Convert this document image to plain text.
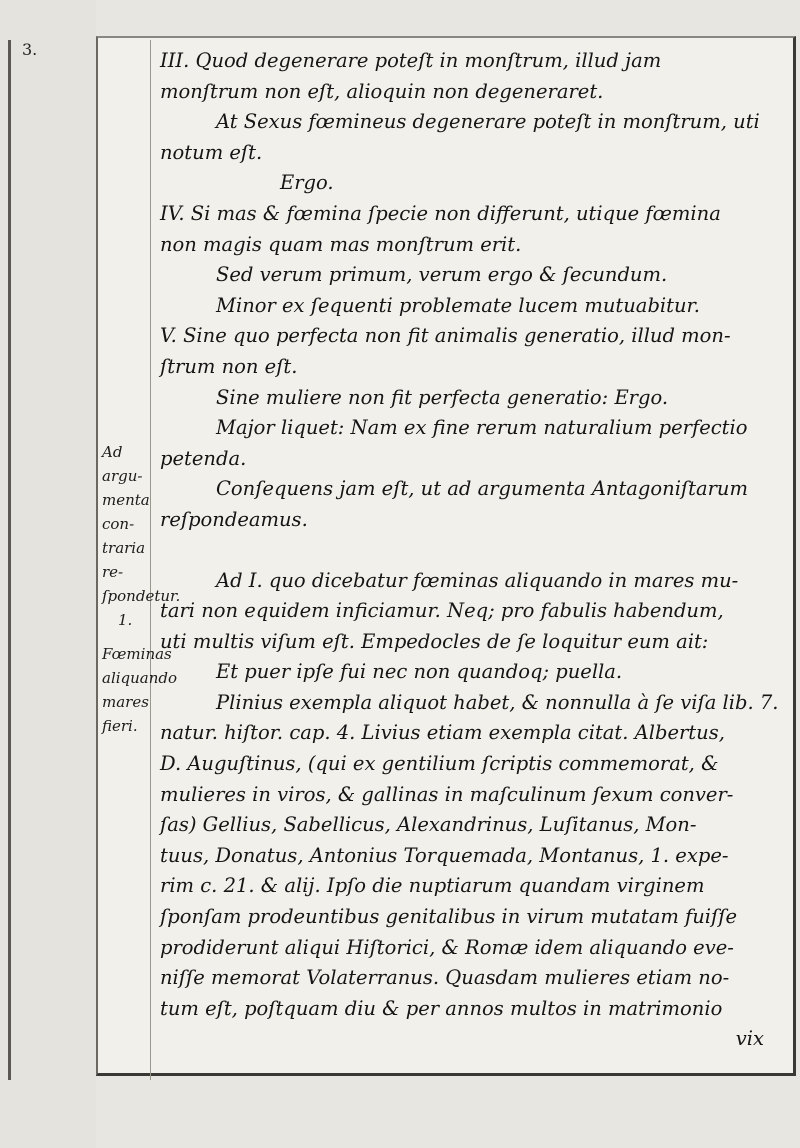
3.
Ad argu- menta con- traria re- ſpondetur.
1.
Fœminas aliquando mares fieri.

III. Quod degenerare poteſt in monſtrum, illud jam

monſtrum non eſt, alioquin non degeneraret.

At Sexus fœmineus degenerare poteſt in monſtrum, uti

notum eſt.

Ergo.

IV. Si mas & fœmina ſpecie non differunt, utique fœmina

non magis quam mas monſtrum erit.

Sed verum primum, verum ergo & ſecundum.

Minor ex ſequenti problemate lucem mutuabitur.

V. Sine quo perfecta non fit animalis generatio, illud mon-

ſtrum non eſt.

Sine muliere non fit perfecta generatio: Ergo.

Major liquet: Nam ex fine rerum naturalium perfectio

petenda.

Conſequens jam eſt, ut ad argumenta Antagoniſtarum

reſpondeamus.

Ad I. quo dicebatur fœminas aliquando in mares mu-

tari non equidem inficiamur. Neq; pro fabulis habendum,

uti multis viſum eſt. Empedocles de ſe loquitur eum ait:

Et puer ipſe fui nec non quandoq; puella.

Plinius exempla aliquot habet, & nonnulla à ſe viſa lib. 7.

natur. hiſtor. cap. 4. Livius etiam exempla citat. Albertus,

D. Auguſtinus, (qui ex gentilium ſcriptis commemorat, &

mulieres in viros, & gallinas in maſculinum ſexum conver-

ſas) Gellius, Sabellicus, Alexandrinus, Luſitanus, Mon-

tuus, Donatus, Antonius Torquemada, Montanus, 1. expe-

rim c. 21. & alij. Ipſo die nuptiarum quandam virginem

ſponſam prodeuntibus genitalibus in virum mutatam fuiſſe

prodiderunt aliqui Hiſtorici, & Romæ idem aliquando eve-

niſſe memorat Volaterranus. Quasdam mulieres etiam no-

tum eſt, poſtquam diu & per annos multos in matrimonio

vix
